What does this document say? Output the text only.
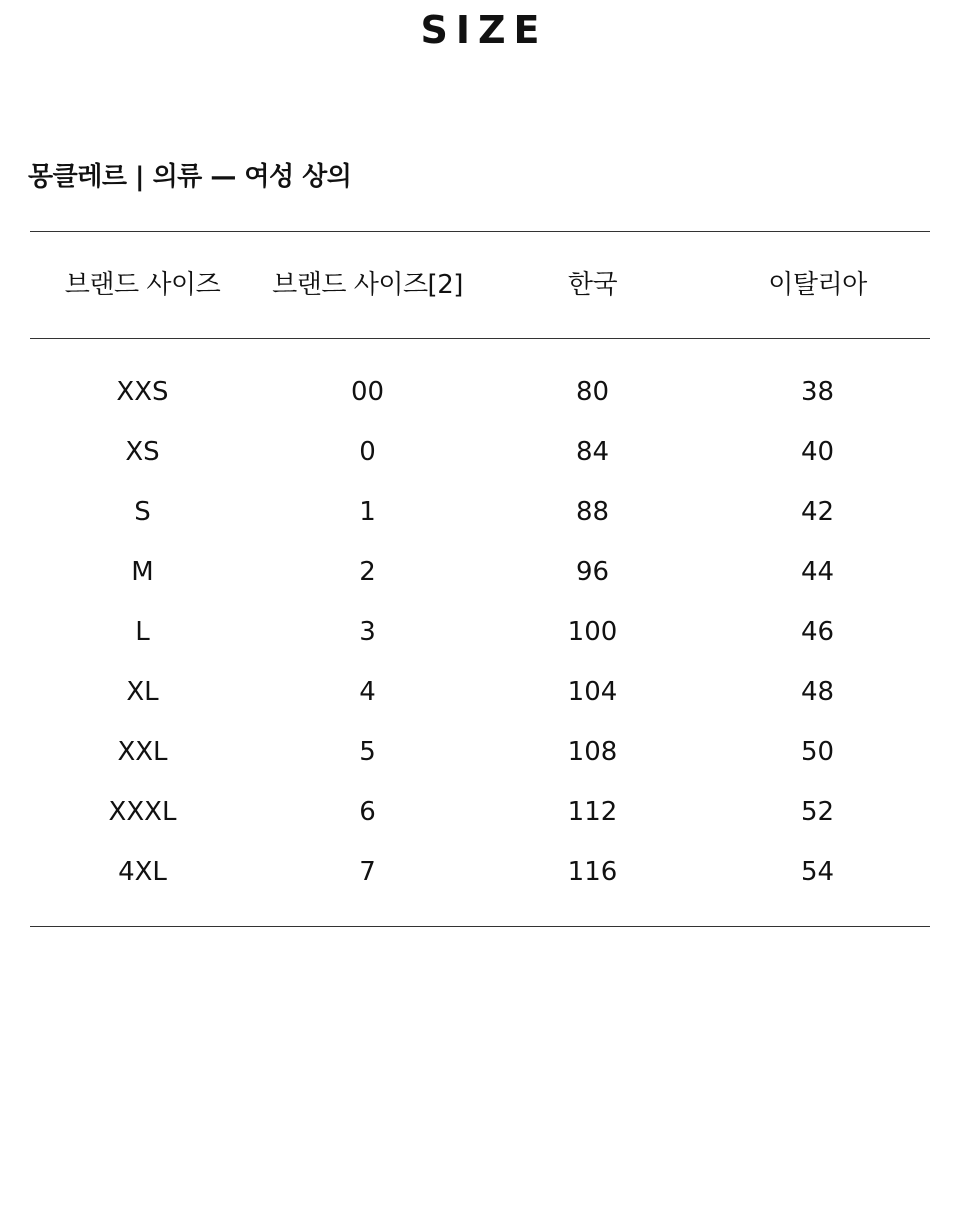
SIZE
몽클레르 | 의류 — 여성 상의
브랜드 사이즈	브랜드 사이즈[2]	한국	이탈리아
XXS	00	80	38
XS	0	84	40
S	1	88	42
M	2	96	44
L	3	100	46
XL	4	104	48
XXL	5	108	50
XXXL	6	112	52
4XL	7	116	54
